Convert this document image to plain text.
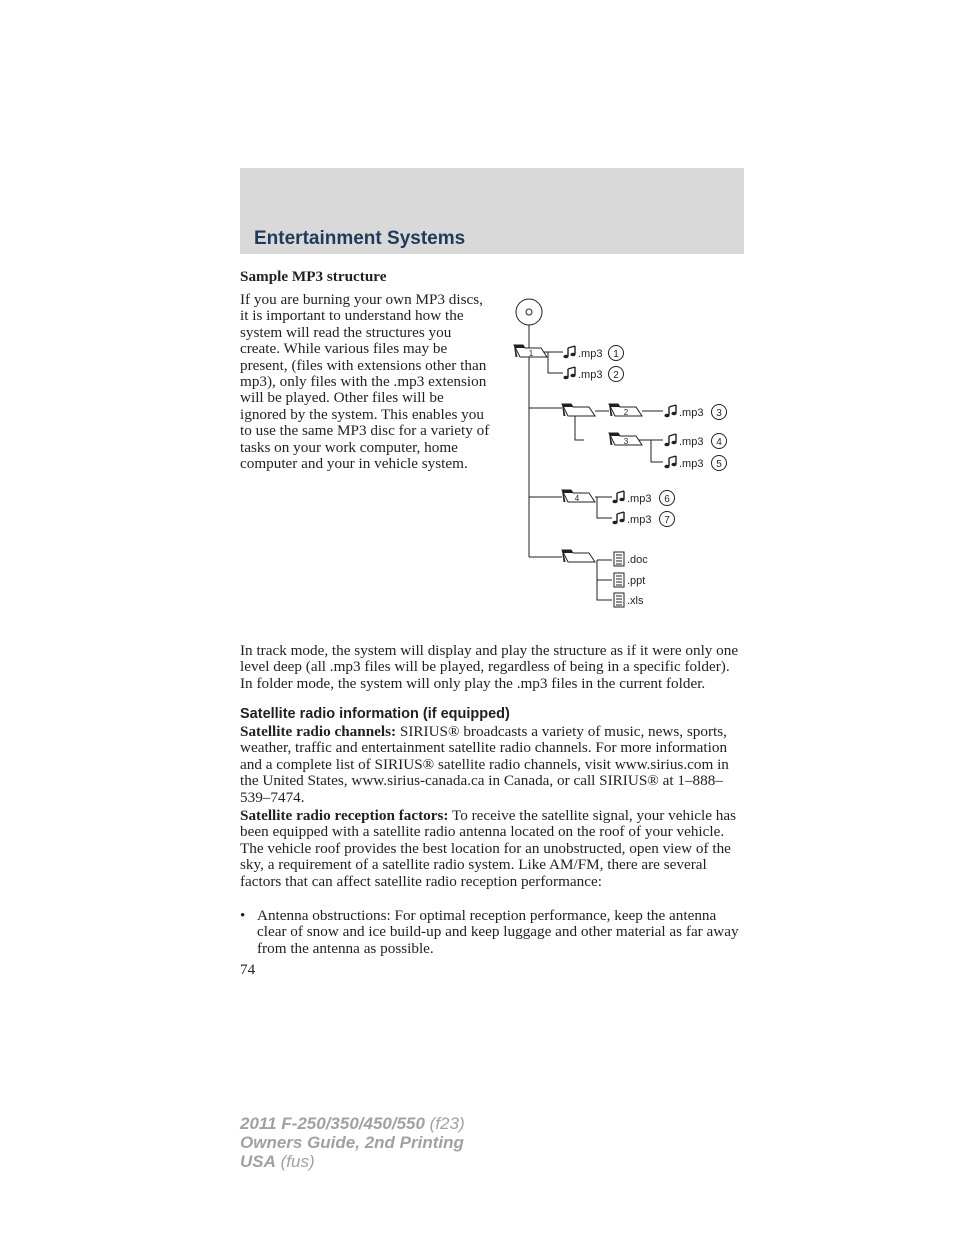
Entertainment Systems
Sample MP3 structure

If you are burning your own MP3 discs, it is important to understand how the system will read the structures you create. While various files may be present, (files with extensions other than mp3), only files with the .mp3 extension will be played. Other files will be ignored by the system. This enables you to use the same MP3 disc for a variety of tasks on your work computer, home computer and your in vehicle system.

1
2
3
4
.mp3 1
.mp3 2
.mp3 3
.mp3 4
.mp3 5
.mp3 6
.mp3 7
.doc
.ppt
.xls

In track mode, the system will display and play the structure as if it were only one level deep (all .mp3 files will be played, regardless of being in a specific folder). In folder mode, the system will only play the .mp3 files in the current folder.

Satellite radio information (if equipped)

Satellite radio channels: SIRIUS® broadcasts a variety of music, news, sports, weather, traffic and entertainment satellite radio channels. For more information and a complete list of SIRIUS® satellite radio channels, visit www.sirius.com in the United States, www.sirius-canada.ca in Canada, or call SIRIUS® at 1–888–539–7474.

Satellite radio reception factors: To receive the satellite signal, your vehicle has been equipped with a satellite radio antenna located on the roof of your vehicle. The vehicle roof provides the best location for an unobstructed, open view of the sky, a requirement of a satellite radio system. Like AM/FM, there are several factors that can affect satellite radio reception performance:

• Antenna obstructions: For optimal reception performance, keep the antenna clear of snow and ice build-up and keep luggage and other material as far away from the antenna as possible.

74
2011 F-250/350/450/550 (f23)
Owners Guide, 2nd Printing
USA (fus)
